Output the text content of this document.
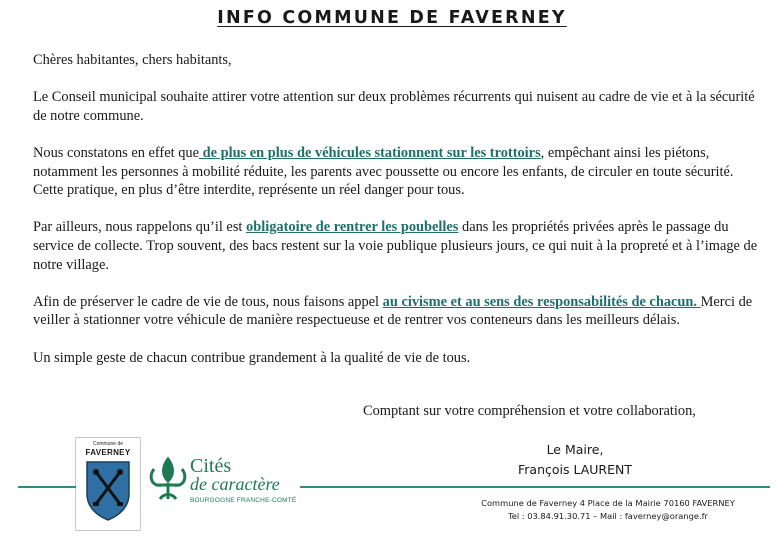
INFO COMMUNE DE FAVERNEY

Chères habitantes, chers habitants,

Le Conseil municipal souhaite attirer votre attention sur deux problèmes récurrents qui nuisent au cadre de vie et à la sécurité de notre commune.

Nous constatons en effet que de plus en plus de véhicules stationnent sur les trottoirs, empêchant ainsi les piétons, notamment les personnes à mobilité réduite, les parents avec poussette ou encore les enfants, de circuler en toute sécurité. Cette pratique, en plus d’être interdite, représente un réel danger pour tous.

Par ailleurs, nous rappelons qu’il est obligatoire de rentrer les poubelles dans les propriétés privées après le passage du service de collecte. Trop souvent, des bacs restent sur la voie publique plusieurs jours, ce qui nuit à la propreté et à l’image de notre village.

Afin de préserver le cadre de vie de tous, nous faisons appel au civisme et au sens des responsabilités de chacun. Merci de veiller à stationner votre véhicule de manière respectueuse et de rentrer vos conteneurs dans les meilleurs délais.

Un simple geste de chacun contribue grandement à la qualité de vie de tous.

Comptant sur votre compréhension et votre collaboration,
Le Maire,
François LAURENT
Commune de
FAVERNEY
Cités
de caractère
BOURGOGNE FRANCHE-COMTÉ	Commune de Faverney 4 Place de la Mairie 70160 FAVERNEY
Tel : 03.84.91.30.71 – Mail : faverney@orange.fr
